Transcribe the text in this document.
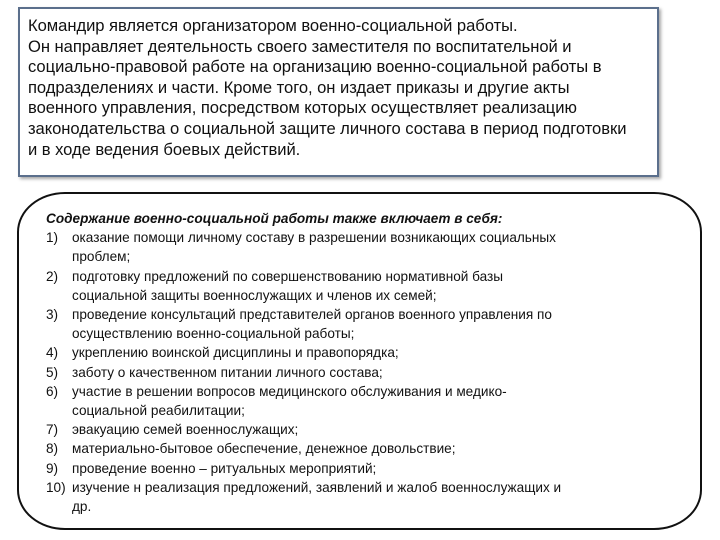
Командир является организатором военно-социальной работы.
Он направляет деятельность своего заместителя по воспитательной и
социально-правовой работе на организацию военно-социальной работы в
подразделениях и части. Кроме того, он издает приказы и другие акты
военного управления, посредством которых осуществляет реализацию
законодательства о социальной защите личного состава в период подготовки
и в ходе ведения боевых действий.
Содержание военно-социальной работы также включает в себя:
1)	оказание помощи личному составу в разрешении возникающих социальных
проблем;
2)	подготовку предложений по совершенствованию нормативной базы
социальной защиты военнослужащих и членов их семей;
3)	проведение консультаций представителей органов военного управления по
осуществлению военно-социальной работы;
4)	укреплению воинской дисциплины и правопорядка;
5)	заботу о качественном питании личного состава;
6)	участие в решении вопросов медицинского обслуживания и медико-
социальной реабилитации;
7)	эвакуацию семей военнослужащих;
8)	материально-бытовое обеспечение, денежное довольствие;
9)	проведение военно – ритуальных мероприятий;
10) изучение н реализация предложений, заявлений и жалоб военнослужащих и
др.
